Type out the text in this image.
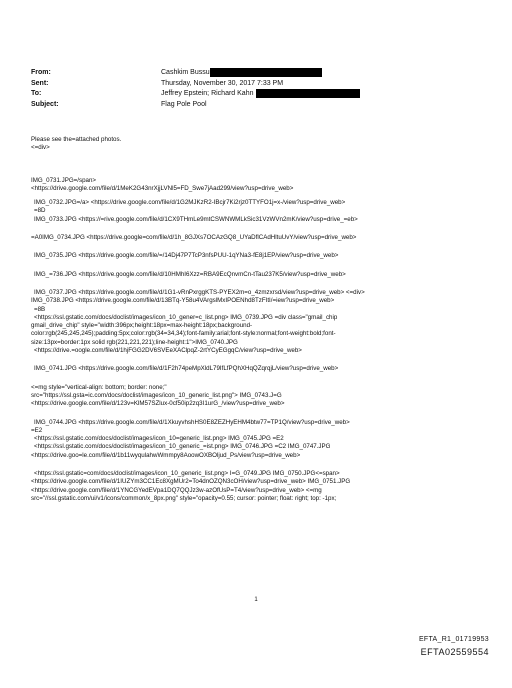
From:	Cashkim Bussu
Sent:	Thursday, November 30, 2017 7:33 PM
To:	Jeffrey Epstein; Richard Kahn
Subject:	Flag Pole Pool

Please see the=attached photos.

<=div>

IMG_0731.JPG=/span>

<https://drive.google.com/file/d/1MeK2G43nrXjjLVNl5=FD_Swe7jAad299/view?usp=drive_web>

IMG_0732.JPG=/a> <https://drive.google.com/file/d/1G2MJKzR2-IBcjr7Ki2rjz0TTYFO1j=x-/view?usp=drive_web>

=8D

IMG_0733.JPG <https://=rive.google.com/file/d/1CX9THmLe9mtCSWNWMLkSic31VzWVn2mK/view?usp=drive_=eb>

=A0IMG_0734.JPG <https://drive.google=com/file/d/1h_8GJXs7OCAzGQ8_UYaDflCAdHltuUvY/view?usp=drive_web>

IMG_0735.JPG <https://drive.google.com/file/=/14Dj47P7TcP3nfsPUU-1qYNa3-fE8j1EP/view?usp=drive_web>

IMG_=736.JPG <https://drive.google.com/file/d/10HMhI6Xzz=RBA9EcQnvmCn-tTau237K5/view?usp=drive_web>

IMG_0737.JPG <https://drive.google.com/file/d/1G1-vRnPxrggKTS-PYEX2m=o_4zmzxrsd/view?usp=drive_web> <=div>

IMG_0738.JPG <https://drive.google.com/file/d/13BTq-Y58u4VArgslMxIPOENhd8TzFItI/=iew?usp=drive_web>

=8B

<https://ssl.gstatic.com/docs/doclist/images/icon_10_gener=c_list.png> IMG_0739.JPG =div class="gmail_chip

gmail_drive_chip" style="width:396px;height:18px=max-height:18px;background-

color:rgb(245,245,245);padding:5px;color:rgb(34=34,34);font-family:arial;font-style:normal;font-weight:bold;font-

size:13px=border:1px solid rgb(221,221,221);line-height:1">IMG_0740.JPG

<https://drive.=oogle.com/file/d/1hjFGG2DV6SVEeXAClpqZ-2rtYCyEGgqC/view?usp=drive_web>

IMG_0741.JPG <https://drive.google.com/file/d/1F2h74peMpXldL79IfLfPQhXHqQZqrqjL/view?usp=drive_web>

<=mg style="vertical-align: bottom; border: none;"

src="https://ssl.gsta=ic.com/docs/doclist/images/icon_10_generic_list.png"> IMG_0743.J=G

<https://drive.google.com/file/d/123v=KlM57SZlux-0cf50ip2zq3I1urG_/view?usp=drive_web>

IMG_0744.JPG <https://drive.google.com/file/d/1XkuyvhshHS0E8ZEZHyEHM4btw77=TP1Q/view?usp=drive_web>

=E2

<https://ssl.gstatic.com/docs/doclist/images/icon_10=generic_list.png> IMG_0745.JPG =E2

<https://ssl.gstatic.com/docs/doclist/images/icon_10_generic_=ist.png> IMG_0746.JPG =C2 IMG_0747.JPG

<https://drive.goo=le.com/file/d/1b11wyqulahwWmmpy8AoowOXBOljud_Ps/view?usp=drive_web>

<https://ssl.gstatic=com/docs/doclist/images/icon_10_generic_list.png> I=G_0749.JPG IMG_0750.JPG<=span>

<https://drive.google.com/file/d/1IUZYm3CC1Ec8XgMUr2=To4dnOZQN3cOH/view?usp=drive_web> IMG_0751.JPG

<https://drive.google.com/file/d/1YNCGYedEVpa1DQ7QQJz3w-azOfUsP=T4/view?usp=drive_web> <=mg

src="//ssl.gstatic.com/ui/v1/icons/common/x_8px.png" style="opacity=0.55; cursor: pointer; float: right; top: -1px;

1
EFTA_R1_01719953
EFTA02559554
